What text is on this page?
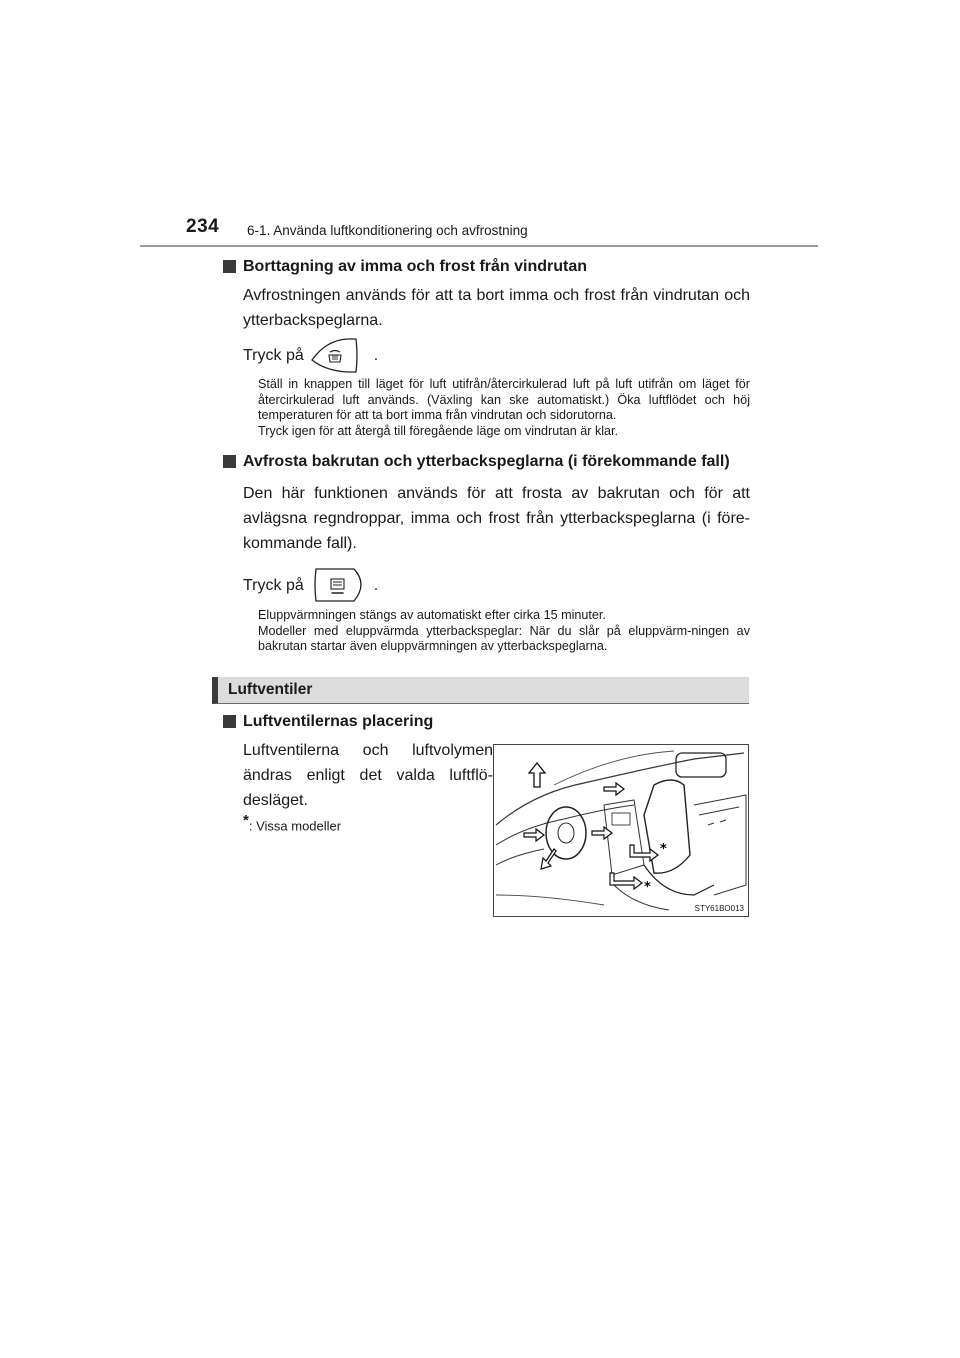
234 6-1. Använda luftkonditionering och avfrostning
Borttagning av imma och frost från vindrutan
Avfrostningen används för att ta bort imma och frost från vindrutan och ytterbackspeglarna.
Tryck på	.
Ställ in knappen till läget för luft utifrån/återcirkulerad luft på luft utifrån om läget för återcirkulerad luft används. (Växling kan ske automatiskt.) Öka luftflödet och höj temperaturen för att ta bort imma från vindrutan och sidorutorna.
Tryck igen för att återgå till föregående läge om vindrutan är klar.
Avfrosta bakrutan och ytterbackspeglarna (i förekommande fall)
Den här funktionen används för att frosta av bakrutan och för att avlägsna regndroppar, imma och frost från ytterbackspeglarna (i före-kommande fall).
Tryck på	.
Eluppvärmningen stängs av automatiskt efter cirka 15 minuter.
Modeller med eluppvärmda ytterbackspeglar: När du slår på eluppvärm-ningen av bakrutan startar även eluppvärmningen av ytterbackspeglarna.
Luftventiler
Luftventilernas placering
Luftventilerna och luftvolymen ändras enligt det valda luftflö-desläget.
*: Vissa modeller
*
*
STY61BO013
